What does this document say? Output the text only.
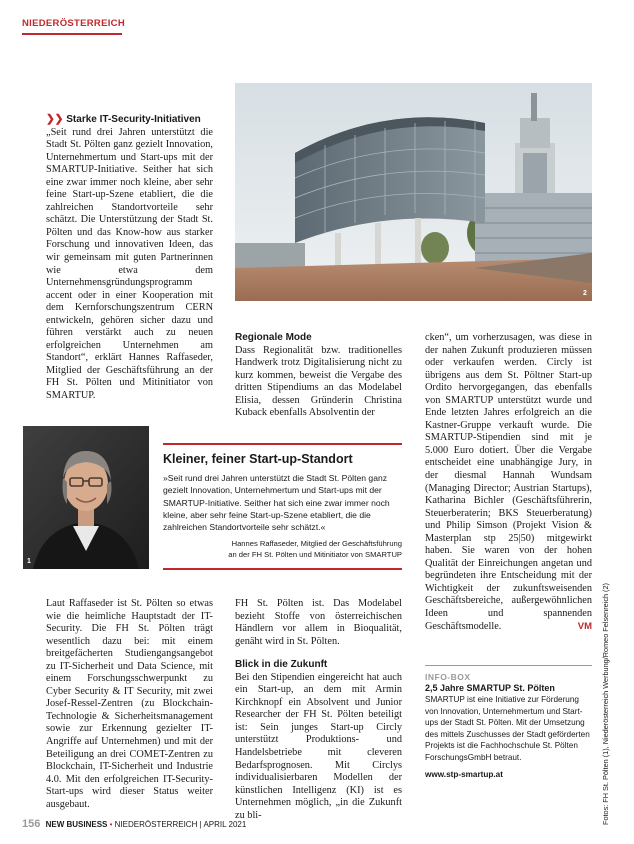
NIEDERÖSTERREICH
❯❯ Starke IT-Security-Initiativen

„Seit rund drei Jahren unterstützt die Stadt St. Pölten ganz gezielt Innovation, Unternehmertum und Start-ups mit der SMARTUP-Initiative. Seither hat sich eine zwar immer noch kleine, aber sehr feine Start-up-Szene etabliert, die die zahlreichen Standortvorteile sehr schätzt. Die Unterstützung der Stadt St. Pölten und das Know-how aus starker Forschung und innovativen Ideen, das wir gemeinsam mit guten Partnerinnen wie etwa dem Unternehmensgründungsprogramm accent oder in einer Kooperation mit dem Kernforschungszentrum CERN entwickeln, gehören sicher dazu und führen verstärkt auch zu neuen erfolgreichen Unternehmen am Standort“, erklärt Hannes Raffaseder, Mitglied der Geschäftsführung an der FH St. Pölten und Mitinitiator von SMARTUP.

2
Regionale Mode

Dass Regionalität bzw. traditionelles Handwerk trotz Digitalisierung nicht zu kurz kommen, beweist die Vergabe des dritten Stipendiums an das Modelabel Elisia, dessen Gründerin Christina Kuback ebenfalls Absolventin der

cken“, um vorherzusagen, was diese in der nahen Zukunft produzieren müssen oder verkaufen werden. Circly ist übrigens aus dem St. Pöltner Start-up Ordito hervorgegangen, das ebenfalls von SMARTUP unterstützt wurde und Ende letzten Jahres erfolgreich an die Kastner-Gruppe verkauft wurde. Die SMARTUP-Stipendien sind mit je 5.000 Euro dotiert. Über die Vergabe entscheidet eine unabhängige Jury, in der diesmal Hannah Wundsam (Managing Director; Austrian Startups), Katharina Bichler (Geschäftsführerin, Steuerberaterin; BKS Steuerberatung) und Philip Simson (Projekt Vision & Masterplan stp 25|50) mitgewirkt haben. Sie waren von der hohen Qualität der Einreichungen angetan und begründeten ihre Entscheidung mit der Wichtigkeit der zukunftsweisenden Geschäftsbereiche, außergewöhnlichen Ideen und spannenden Geschäftsmodelle.	VM

1
Kleiner, feiner Start-up-Standort
»Seit rund drei Jahren unterstützt die Stadt St. Pölten ganz gezielt Innovation, Unternehmertum und Start-ups mit der SMARTUP-Initiative. Seither hat sich eine zwar immer noch kleine, aber sehr feine Start-up-Szene etabliert, die die zahlreichen Standortvorteile sehr schätzt.«
Hannes Raffaseder, Mitglied der Geschäftsführung
an der FH St. Pölten und Mitinitiator von SMARTUP

Laut Raffaseder ist St. Pölten so etwas wie die heimliche Hauptstadt der IT-Security. Die FH St. Pölten trägt wesentlich dazu bei: mit einem breitgefächerten Studiengangsangebot zu IT-Sicherheit und Data Science, mit einem Forschungsschwerpunkt zu Cyber Security & IT Security, mit zwei Josef-Ressel-Zentren (zu Blockchain-Technologie & Sicherheitsmanagement sowie zur Erkennung gezielter IT-Angriffe auf Unternehmen) und mit der Beteiligung an drei COMET-Zentren zu Blockchain, IT-Sicherheit und Industrie 4.0. Mit den erfolgreichen IT-Security-Start-ups wird dieser Status weiter ausgebaut.

FH St. Pölten ist. Das Modelabel bezieht Stoffe von österreichischen Händlern vor allem in Bioqualität, genäht wird in St. Pölten.

Blick in die Zukunft

Bei den Stipendien eingereicht hat auch ein Start-up, an dem mit Armin Kirchknopf ein Absolvent und Junior Researcher der FH St. Pölten beteiligt ist: Sein junges Start-up Circly unterstützt Produktions- und Handelsbetriebe mit cleveren Bedarfsprognosen. Mit Circlys individualisierbaren Modellen der künstlichen Intelligenz (KI) ist es Unternehmen möglich, „in die Zukunft zu bli-

INFO-BOX
2,5 Jahre SMARTUP St. Pölten
SMARTUP ist eine Initiative zur Förderung von Innovation, Unternehmertum und Start-ups der Stadt St. Pölten. Mit der Umsetzung des mittels Zuschusses der Stadt geförderten Projekts ist die Fachhochschule St. Pölten ForschungsGmbH betraut.
www.stp-smartup.at	Fotos: FH St. Pölten (1), Niederösterreich Werbung/Romeo Felsenreich (2)
156 NEW BUSINESS • NIEDERÖSTERREICH | APRIL 2021
